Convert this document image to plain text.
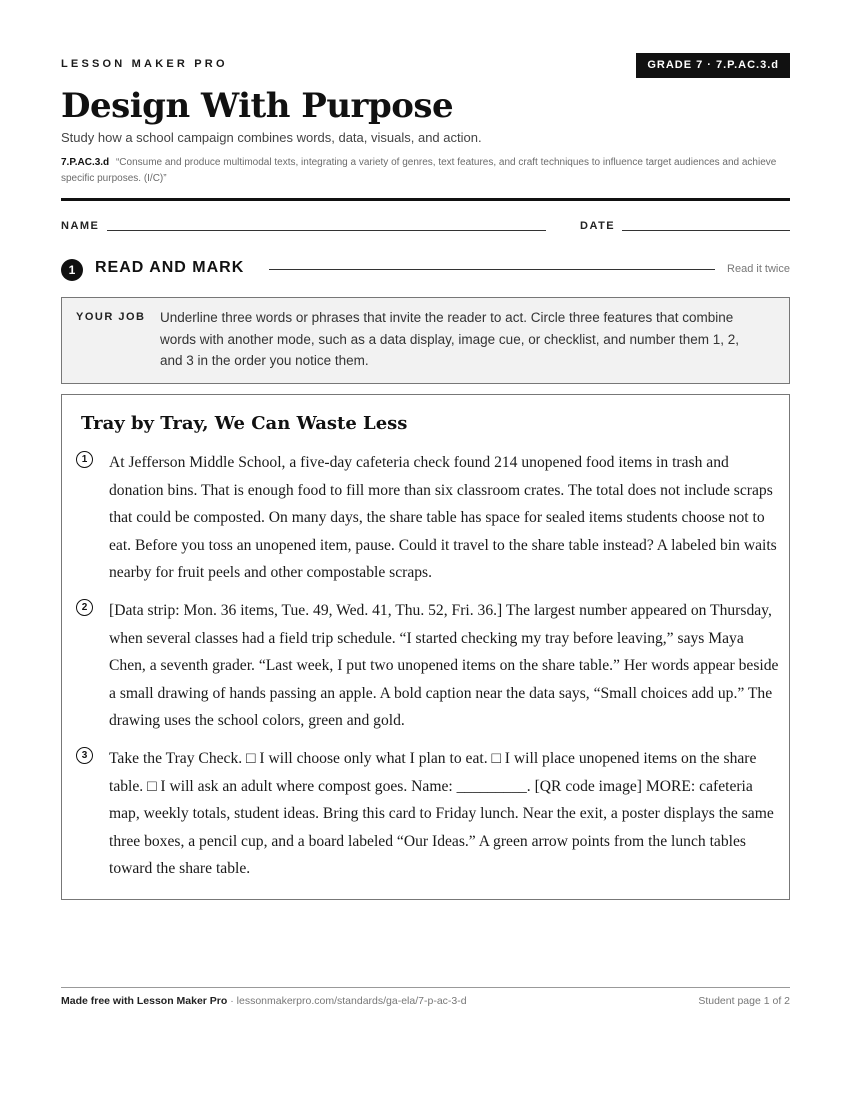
LESSON MAKER PRO	GRADE 7 · 7.P.AC.3.d
Design With Purpose
Study how a school campaign combines words, data, visuals, and action.
7.P.AC.3.d “Consume and produce multimodal texts, integrating a variety of genres, text features, and craft techniques to influence target audiences and achieve specific purposes. (I/C)”
NAME	DATE
1	READ AND MARK	Read it twice
YOUR JOB Underline three words or phrases that invite the reader to act. Circle three features that combine words with another mode, such as a data display, image cue, or checklist, and number them 1, 2, and 3 in the order you notice them.
Tray by Tray, We Can Waste Less
1	At Jefferson Middle School, a five-day cafeteria check found 214 unopened food items in trash and donation bins. That is enough food to fill more than six classroom crates. The total does not include scraps that could be composted. On many days, the share table has space for sealed items students choose not to eat. Before you toss an unopened item, pause. Could it travel to the share table instead? A labeled bin waits nearby for fruit peels and other compostable scraps.
2	[Data strip: Mon. 36 items, Tue. 49, Wed. 41, Thu. 52, Fri. 36.] The largest number appeared on Thursday, when several classes had a field trip schedule. “I started checking my tray before leaving,” says Maya Chen, a seventh grader. “Last week, I put two unopened items on the share table.” Her words appear beside a small drawing of hands passing an apple. A bold caption near the data says, “Small choices add up.” The drawing uses the school colors, green and gold.
3	Take the Tray Check. □ I will choose only what I plan to eat. □ I will place unopened items on the share table. □ I will ask an adult where compost goes. Name: _________. [QR code image] MORE: cafeteria map, weekly totals, student ideas. Bring this card to Friday lunch. Near the exit, a poster displays the same three boxes, a pencil cup, and a board labeled “Our Ideas.” A green arrow points from the lunch tables toward the share table.
Made free with Lesson Maker Pro · lessonmakerpro.com/standards/ga-ela/7-p-ac-3-d	Student page 1 of 2
